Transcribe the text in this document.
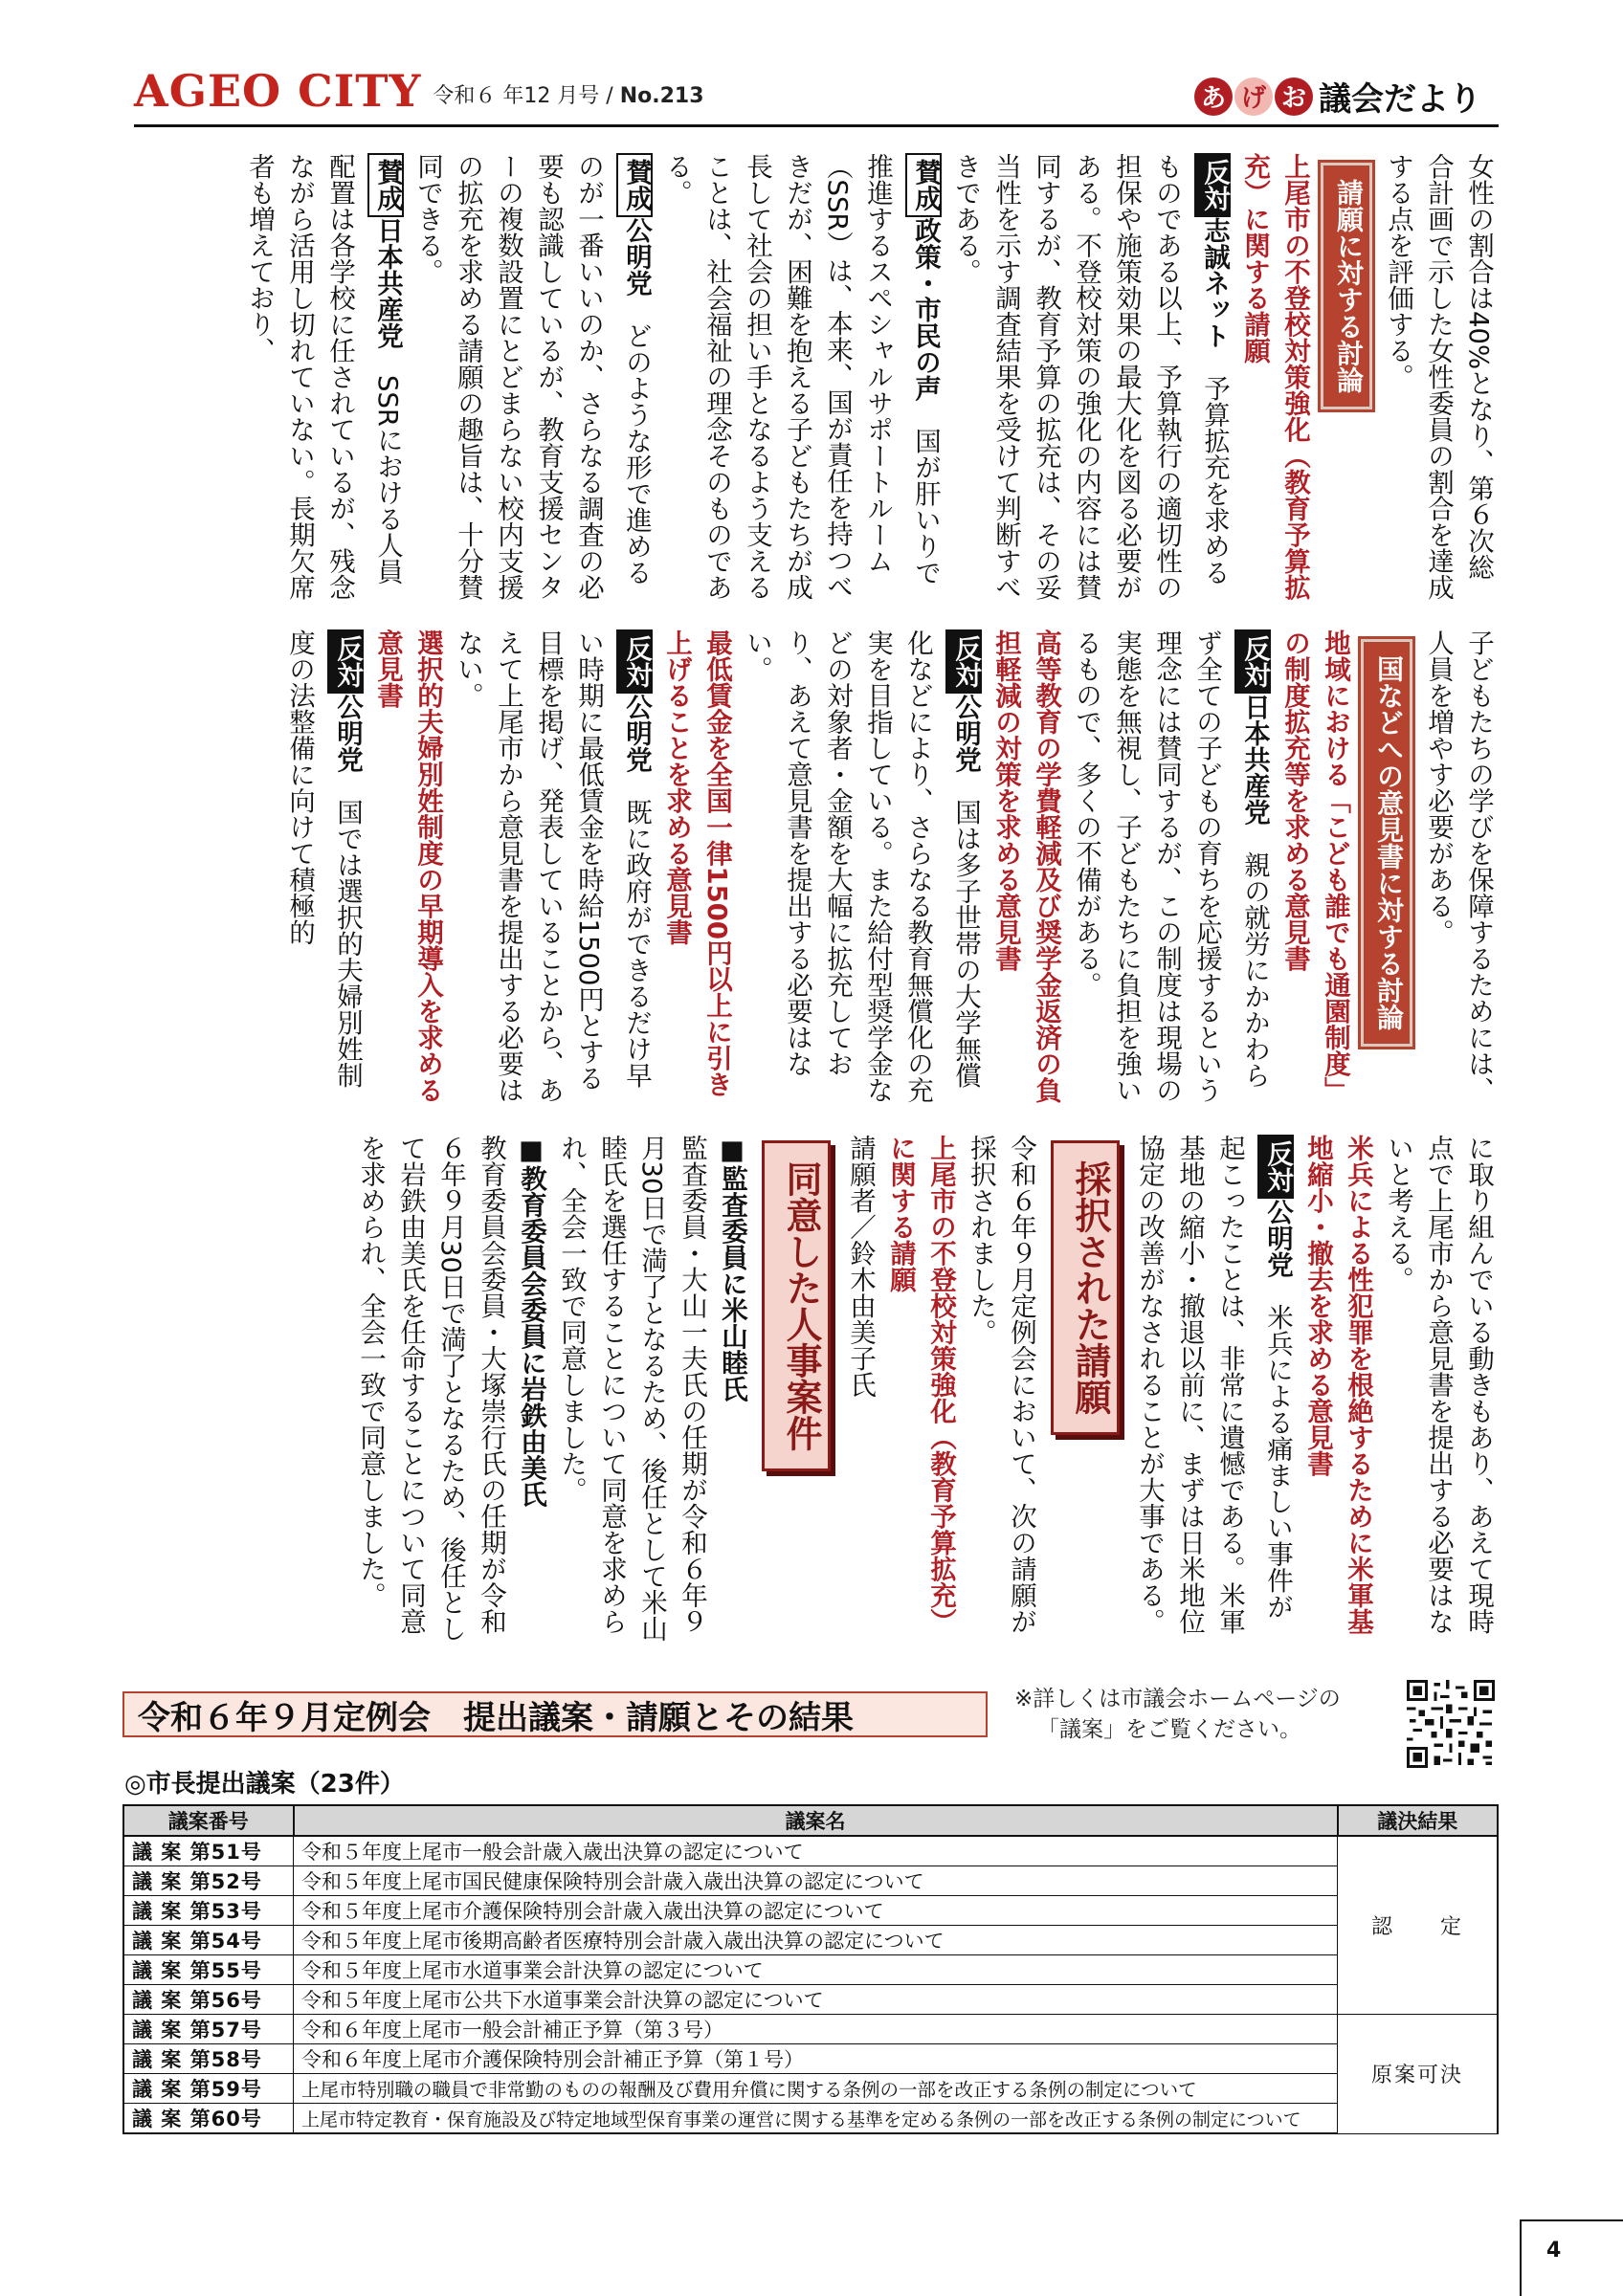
AGEO CITY 令和６ 年12 月号 / No.213	あ げ お 議会だより
女性の割合は40%となり、第６次総合計画で示した女性委員の割合を達成する点を評価する。
請願に対する討論
上尾市の不登校対策強化（教育予算拡充）に関する請願
反対志誠ネット　予算拡充を求めるものである以上、予算執行の適切性の担保や施策効果の最大化を図る必要がある。不登校対策の強化の内容には賛同するが、教育予算の拡充は、その妥当性を示す調査結果を受けて判断すべきである。
賛成政策・市民の声　国が肝いりで推進するスペシャルサポートルーム（SSR）は、本来、国が責任を持つべきだが、困難を抱える子どもたちが成長して社会の担い手となるよう支えることは、社会福祉の理念そのものである。
賛成公明党　どのような形で進めるのが一番いいのか、さらなる調査の必要も認識しているが、教育支援センターの複数設置にとどまらない校内支援の拡充を求める請願の趣旨は、十分賛同できる。
賛成日本共産党　SSRにおける人員配置は各学校に任されているが、残念ながら活用し切れていない。長期欠席者も増えており、
子どもたちの学びを保障するためには、人員を増やす必要がある。
国などへの意見書に対する討論
地域における「こども誰でも通園制度」の制度拡充等を求める意見書
反対日本共産党　親の就労にかかわらず全ての子どもの育ちを応援するという理念には賛同するが、この制度は現場の実態を無視し、子どもたちに負担を強いるもので、多くの不備がある。
高等教育の学費軽減及び奨学金返済の負担軽減の対策を求める意見書
反対公明党　国は多子世帯の大学無償化などにより、さらなる教育無償化の充実を目指している。また給付型奨学金などの対象者・金額を大幅に拡充しており、あえて意見書を提出する必要はない。
最低賃金を全国一律1500円以上に引き上げることを求める意見書
反対公明党　既に政府ができるだけ早い時期に最低賃金を時給1500円とする目標を掲げ、発表していることから、あえて上尾市から意見書を提出する必要はない。
選択的夫婦別姓制度の早期導入を求める意見書
反対公明党　国では選択的夫婦別姓制度の法整備に向けて積極的
に取り組んでいる動きもあり、あえて現時点で上尾市から意見書を提出する必要はないと考える。
米兵による性犯罪を根絶するために米軍基地縮小・撤去を求める意見書
反対公明党　米兵による痛ましい事件が起こったことは、非常に遺憾である。米軍基地の縮小・撤退以前に、まずは日米地位協定の改善がなされることが大事である。
採択された請願
令和６年９月定例会において、次の請願が採択されました。
上尾市の不登校対策強化（教育予算拡充）に関する請願
請願者／鈴木由美子氏
同意した人事案件
■監査委員に米山睦氏
監査委員・大山一夫氏の任期が令和６年９月30日で満了となるため、後任として米山睦氏を選任することについて同意を求められ、全会一致で同意しました。
■教育委員会委員に岩鉄由美氏
教育委員会委員・大塚崇行氏の任期が令和６年９月30日で満了となるため、後任として岩鉄由美氏を任命することについて同意を求められ、全会一致で同意しました。
令和６年９月定例会　提出議案・請願とその結果	※詳しくは市議会ホームページの
「議案」をご覧ください。
◎市長提出議案（23件）
議案番号	議案名	議決結果
議 案 第51号	令和５年度上尾市一般会計歳入歳出決算の認定について	認　　定
議 案 第52号	令和５年度上尾市国民健康保険特別会計歳入歳出決算の認定について	
議 案 第53号	令和５年度上尾市介護保険特別会計歳入歳出決算の認定について	
議 案 第54号	令和５年度上尾市後期高齢者医療特別会計歳入歳出決算の認定について	
議 案 第55号	令和５年度上尾市水道事業会計決算の認定について	
議 案 第56号	令和５年度上尾市公共下水道事業会計決算の認定について	
議 案 第57号	令和６年度上尾市一般会計補正予算（第３号）	原案可決
議 案 第58号	令和６年度上尾市介護保険特別会計補正予算（第１号）	
議 案 第59号	上尾市特別職の職員で非常勤のものの報酬及び費用弁償に関する条例の一部を改正する条例の制定について	
議 案 第60号	上尾市特定教育・保育施設及び特定地域型保育事業の運営に関する基準を定める条例の一部を改正する条例の制定について	
4
